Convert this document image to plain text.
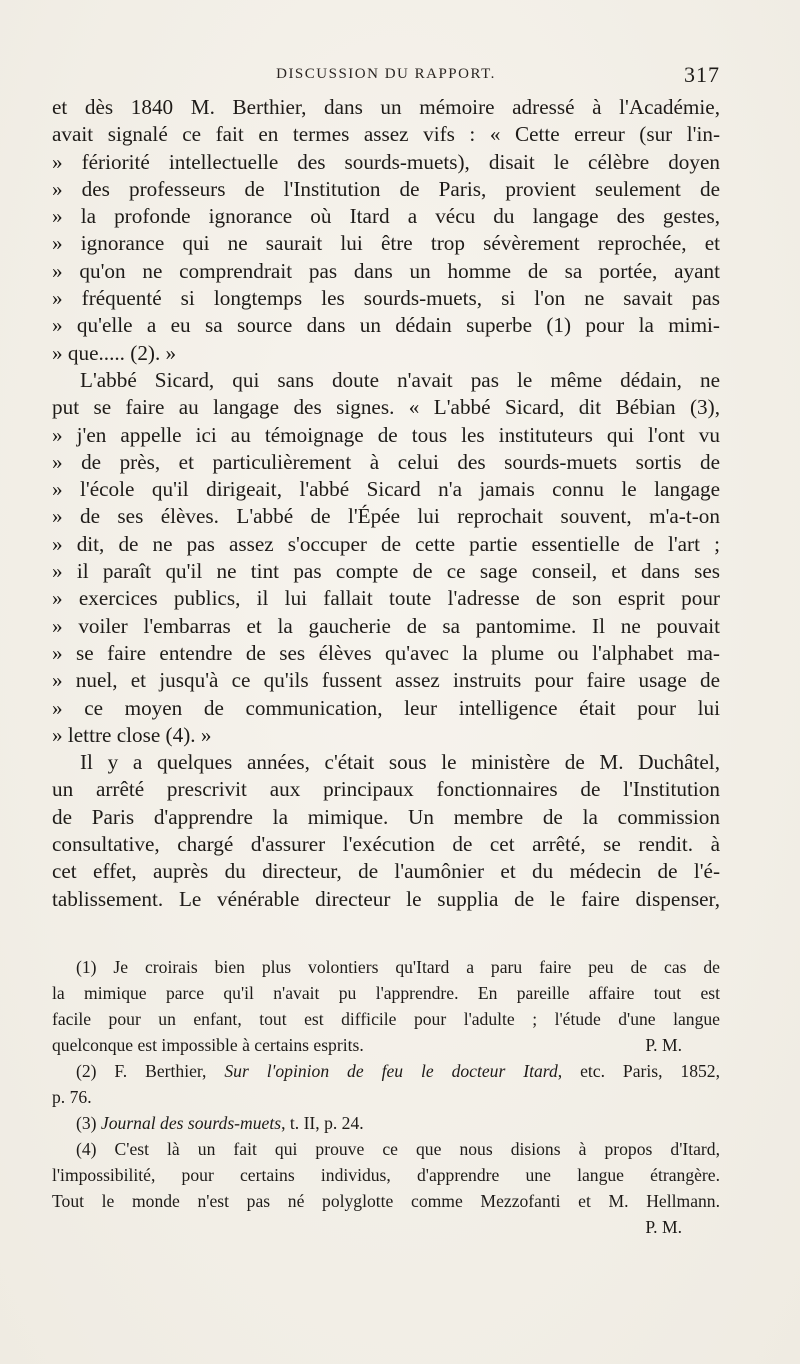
DISCUSSION DU RAPPORT.	317
et dès 1840 M. Berthier, dans un mémoire adressé à l'Académie,
avait signalé ce fait en termes assez vifs : « Cette erreur (sur l'in-
» fériorité intellectuelle des sourds-muets), disait le célèbre doyen
» des professeurs de l'Institution de Paris, provient seulement de
» la profonde ignorance où Itard a vécu du langage des gestes,
» ignorance qui ne saurait lui être trop sévèrement reprochée, et
» qu'on ne comprendrait pas dans un homme de sa portée, ayant
» fréquenté si longtemps les sourds-muets, si l'on ne savait pas
» qu'elle a eu sa source dans un dédain superbe (1) pour la mimi-
» que..... (2). »
L'abbé Sicard, qui sans doute n'avait pas le même dédain, ne
put se faire au langage des signes. « L'abbé Sicard, dit Bébian (3),
» j'en appelle ici au témoignage de tous les instituteurs qui l'ont vu
» de près, et particulièrement à celui des sourds-muets sortis de
» l'école qu'il dirigeait, l'abbé Sicard n'a jamais connu le langage
» de ses élèves. L'abbé de l'Épée lui reprochait souvent, m'a-t-on
» dit, de ne pas assez s'occuper de cette partie essentielle de l'art ;
» il paraît qu'il ne tint pas compte de ce sage conseil, et dans ses
» exercices publics, il lui fallait toute l'adresse de son esprit pour
» voiler l'embarras et la gaucherie de sa pantomime. Il ne pouvait
» se faire entendre de ses élèves qu'avec la plume ou l'alphabet ma-
» nuel, et jusqu'à ce qu'ils fussent assez instruits pour faire usage de
» ce moyen de communication, leur intelligence était pour lui
» lettre close (4). »
Il y a quelques années, c'était sous le ministère de M. Duchâtel,
un arrêté prescrivit aux principaux fonctionnaires de l'Institution
de Paris d'apprendre la mimique. Un membre de la commission
consultative, chargé d'assurer l'exécution de cet arrêté, se rendit. à
cet effet, auprès du directeur, de l'aumônier et du médecin de l'é-
tablissement. Le vénérable directeur le supplia de le faire dispenser,
(1) Je croirais bien plus volontiers qu'Itard a paru faire peu de cas de
la mimique parce qu'il n'avait pu l'apprendre. En pareille affaire tout est
facile pour un enfant, tout est difficile pour l'adulte ; l'étude d'une langue
quelconque est impossible à certains esprits.	P. M.
(2) F. Berthier, Sur l'opinion de feu le docteur Itard, etc. Paris, 1852,
p. 76.
(3) Journal des sourds-muets, t. II, p. 24.
(4) C'est là un fait qui prouve ce que nous disions à propos d'Itard,
l'impossibilité, pour certains individus, d'apprendre une langue étrangère.
Tout le monde n'est pas né polyglotte comme Mezzofanti et M. Hellmann.
P. M.
